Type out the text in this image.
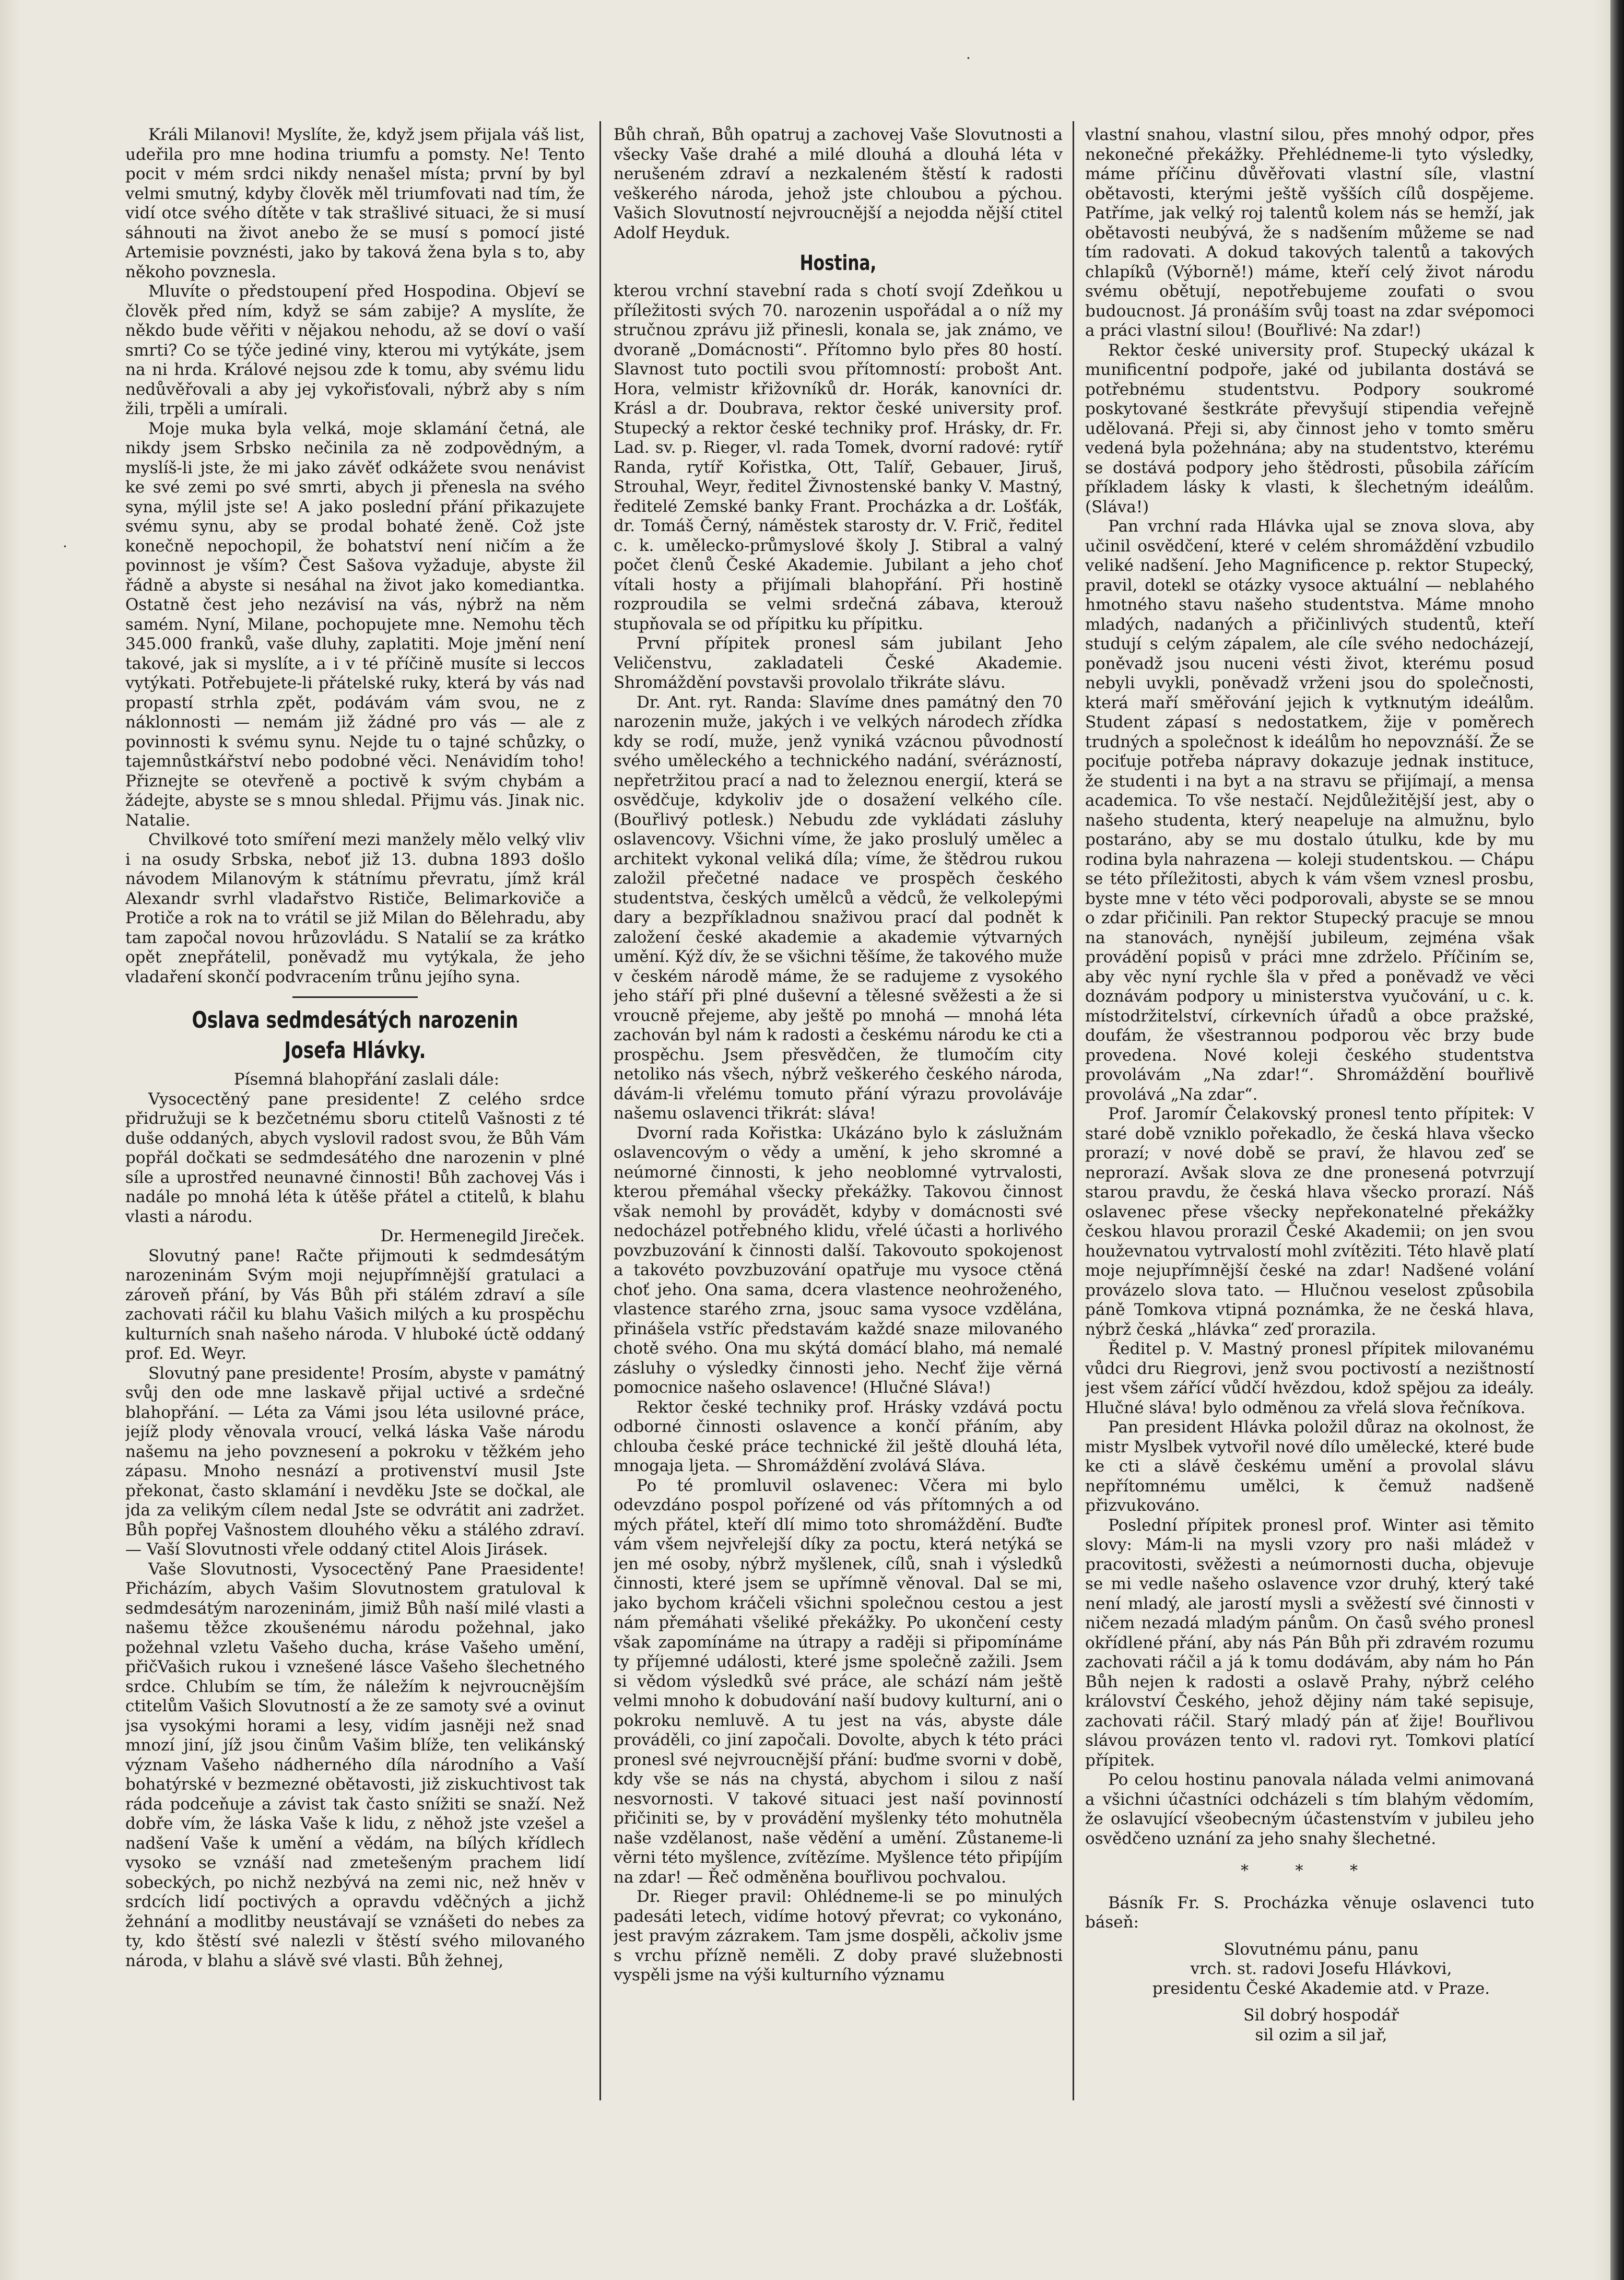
·
·

Králi Milanovi! Myslíte, že, když jsem přijala váš list, udeřila pro mne hodina triumfu a pomsty. Ne! Tento pocit v mém srdci nikdy nenašel místa; první by byl velmi smutný, kdyby člověk měl triumfovati nad tím, že vidí otce svého dítěte v tak strašlivé situaci, že si musí sáhnouti na život anebo že se musí s pomocí jisté Artemisie povznésti, jako by taková žena byla s to, aby někoho povznesla.

Mluvíte o předstoupení před Hospodina. Objeví se člověk před ním, když se sám zabije? A myslíte, že někdo bude věřiti v nějakou nehodu, až se doví o vaší smrti? Co se týče jediné viny, kterou mi vytýkáte, jsem na ni hrda. Králové nejsou zde k tomu, aby svému lidu nedůvěřovali a aby jej vykořisťovali, nýbrž aby s ním žili, trpěli a umírali.

Moje muka byla velká, moje sklamání četná, ale nikdy jsem Srbsko nečinila za ně zodpovědným, a myslíš-li jste, že mi jako závěť odkážete svou nenávist ke své zemi po své smrti, abych ji přenesla na svého syna, mýlil jste se! A jako poslední přání přikazujete svému synu, aby se prodal bohaté ženě. Což jste konečně nepochopil, že bohatství není ničím a že povinnost je vším? Čest Sašova vyžaduje, abyste žil řádně a abyste si nesáhal na život jako komediantka. Ostatně čest jeho nezávisí na vás, nýbrž na něm samém. Nyní, Milane, pochopujete mne. Nemohu těch 345.000 franků, vaše dluhy, zaplatiti. Moje jmění není takové, jak si myslíte, a i v té příčině musíte si leccos vytýkati. Potřebujete-li přátelské ruky, která by vás nad propastí strhla zpět, podávám vám svou, ne z náklonnosti — nemám již žádné pro vás — ale z povinnosti k svému synu. Nejde tu o tajné schůzky, o tajemnůstkářství nebo podobné věci. Nenávidím toho! Přiznejte se otevřeně a poctivě k svým chybám a žádejte, abyste se s mnou shledal. Přijmu vás. Jinak nic. Natalie.

Chvilkové toto smíření mezi manžely mělo velký vliv i na osudy Srbska, neboť již 13. dubna 1893 došlo návodem Milanovým k státnímu převratu, jímž král Alexandr svrhl vladařstvo Rističe, Belimarkoviče a Protiče a rok na to vrátil se již Milan do Bělehradu, aby tam započal novou hrůzovládu. S Natalií se za krátko opět znepřátelil, poněvadž mu vytýkala, že jeho vladaření skončí podvracením trůnu jejího syna.

Oslava sedmdesátých narozenin
Josefa Hlávky.

Písemná blahopřání zaslali dále:

Vysocectěný pane presidente! Z celého srdce přidružuji se k bezčetnému sboru ctitelů Vašnosti z té duše oddaných, abych vyslovil radost svou, že Bůh Vám popřál dočkati se sedmdesátého dne narozenin v plné síle a uprostřed neunavné činnosti! Bůh zachovej Vás i nadále po mnohá léta k útěše přátel a ctitelů, k blahu vlasti a národu.

Dr. Hermenegild Jireček.

Slovutný pane! Račte přijmouti k sedmdesátým narozeninám Svým moji nejupřímnější gratulaci a zároveň přání, by Vás Bůh při stálém zdraví a síle zachovati ráčil ku blahu Vašich milých a ku prospěchu kulturních snah našeho národa. V hluboké úctě oddaný prof. Ed. Weyr.

Slovutný pane presidente! Prosím, abyste v památný svůj den ode mne laskavě přijal uctivé a srdečné blahopřání. — Léta za Vámi jsou léta usilovné práce, jejíž plody věnovala vroucí, velká láska Vaše národu našemu na jeho povznesení a pokroku v těžkém jeho zápasu. Mnoho nesnází a protivenství musil Jste překonat, často sklamání i nevděku Jste se dočkal, ale jda za velikým cílem nedal Jste se odvrátit ani zadržet. Bůh popřej Vašnostem dlouhého věku a stálého zdraví. — Vaší Slovutnosti vřele oddaný ctitel Alois Jirásek.

Vaše Slovutnosti, Vysocectěný Pane Praesidente! Přicházím, abych Vašim Slovutnostem gratuloval k sedmdesátým narozeninám, jimiž Bůh naší milé vlasti a našemu těžce zkoušenému národu požehnal, jako požehnal vzletu Vašeho ducha, kráse Vašeho umění, přičVašich rukou i vznešené lásce Vašeho šlechetného srdce. Chlubím se tím, že náležím k nejvroucnějším ctitelům Vašich Slovutností a že ze samoty své a ovinut jsa vysokými horami a lesy, vidím jasněji než snad mnozí jiní, jíž jsou činům Vašim blíže, ten velikánský význam Vašeho nádherného díla národního a Vaší bohatýrské v bezmezné obětavosti, již ziskuchtivost tak ráda podceňuje a závist tak často snížiti se snaží. Než dobře vím, že láska Vaše k lidu, z něhož jste vzešel a nadšení Vaše k umění a vědám, na bílých křídlech vysoko se vznáší nad zmetešeným prachem lidí sobeckých, po nichž nezbývá na zemi nic, než hněv v srdcích lidí poctivých a opravdu vděčných a jichž žehnání a modlitby neustávají se vznášeti do nebes za ty, kdo štěstí své nalezli v štěstí svého milovaného národa, v blahu a slávě své vlasti. Bůh žehnej,

Bůh chraň, Bůh opatruj a zachovej Vaše Slovutnosti a všecky Vaše drahé a milé dlouhá a dlouhá léta v nerušeném zdraví a nezkaleném štěstí k radosti veškerého národa, jehož jste chloubou a pýchou. Vašich Slovutností nejvroucnější a nejodda nější ctitel Adolf Heyduk.

Hostina,

kterou vrchní stavební rada s chotí svojí Zdeňkou u příležitosti svých 70. narozenin uspořádal a o níž my stručnou zprávu již přinesli, konala se, jak známo, ve dvoraně „Domácnosti“. Přítomno bylo přes 80 hostí. Slavnost tuto poctili svou přítomností: probošt Ant. Hora, velmistr křižovníků dr. Horák, kanovníci dr. Krásl a dr. Doubrava, rektor české university prof. Stupecký a rektor české techniky prof. Hrásky, dr. Fr. Lad. sv. p. Rieger, vl. rada Tomek, dvorní radové: rytíř Randa, rytíř Kořistka, Ott, Talíř, Gebauer, Jiruš, Strouhal, Weyr, ředitel Živnostenské banky V. Mastný, ředitelé Zemské banky Frant. Procházka a dr. Lošťák, dr. Tomáš Černý, náměstek starosty dr. V. Frič, ředitel c. k. umělecko-průmyslové školy J. Stibral a valný počet členů České Akademie. Jubilant a jeho choť vítali hosty a přijímali blahopřání. Při hostině rozproudila se velmi srdečná zábava, kterouž stupňovala se od přípitku ku přípitku.

První přípitek pronesl sám jubilant Jeho Veličenstvu, zakladateli České Akademie. Shromáždění povstavši provolalo třikráte slávu.

Dr. Ant. ryt. Randa: Slavíme dnes památný den 70 narozenin muže, jakých i ve velkých národech zřídka kdy se rodí, muže, jenž vyniká vzácnou původností svého uměleckého a technického nadání, svérázností, nepřetržitou prací a nad to železnou energií, která se osvědčuje, kdykoliv jde o dosažení velkého cíle. (Bouřlivý potlesk.) Nebudu zde vykládati zásluhy oslavencovy. Všichni víme, že jako proslulý umělec a architekt vykonal veliká díla; víme, že štědrou rukou založil přečetné nadace ve prospěch českého studentstva, českých umělců a vědců, že velkolepými dary a bezpříkladnou snaživou prací dal podnět k založení české akademie a akademie výtvarných umění. Kýž dív, že se všichni těšíme, že takového muže v českém národě máme, že se radujeme z vysokého jeho stáří při plné duševní a tělesné svěžesti a že si vroucně přejeme, aby ještě po mnohá — mnohá léta zachován byl nám k radosti a českému národu ke cti a prospěchu. Jsem přesvědčen, že tlumočím city netoliko nás všech, nýbrž veškerého českého národa, dávám-li vřelému tomuto přání výrazu provoláváje našemu oslavenci třikrát: sláva!

Dvorní rada Kořistka: Ukázáno bylo k záslužnám oslavencovým o vědy a umění, k jeho skromné a neúmorné činnosti, k jeho neoblomné vytrvalosti, kterou přemáhal všecky překážky. Takovou činnost však nemohl by provádět, kdyby v domácnosti své nedocházel potřebného klidu, vřelé účasti a horlivého povzbuzování k činnosti další. Takovouto spokojenost a takovéto povzbuzování opatřuje mu vysoce ctěná choť jeho. Ona sama, dcera vlastence neohroženého, vlastence starého zrna, jsouc sama vysoce vzdělána, přinášela vstříc představám každé snaze milovaného chotě svého. Ona mu skýtá domácí blaho, má nemalé zásluhy o výsledky činnosti jeho. Nechť žije věrná pomocnice našeho oslavence! (Hlučné Sláva!)

Rektor české techniky prof. Hrásky vzdává poctu odborné činnosti oslavence a končí přáním, aby chlouba české práce technické žil ještě dlouhá léta, mnogaja ljeta. — Shromáždění zvolává Sláva.

Po té promluvil oslavenec: Včera mi bylo odevzdáno pospol pořízené od vás přítomných a od mých přátel, kteří dlí mimo toto shromáždění. Buďte vám všem nejvřelejší díky za poctu, která netýká se jen mé osoby, nýbrž myšlenek, cílů, snah i výsledků činnosti, které jsem se upřímně věnoval. Dal se mi, jako bychom kráčeli všichni společnou cestou a jest nám přemáhati všeliké překážky. Po ukončení cesty však zapomínáme na útrapy a raději si připomínáme ty příjemné události, které jsme společně zažili. Jsem si vědom výsledků své práce, ale schází nám ještě velmi mnoho k dobudování naší budovy kulturní, ani o pokroku nemluvě. A tu jest na vás, abyste dále prováděli, co jiní započali. Dovolte, abych k této práci pronesl své nejvroucnější přání: buďme svorni v době, kdy vše se nás na chystá, abychom i silou z naší nesvornosti. V takové situaci jest naší povinností přičiniti se, by v provádění myšlenky této mohutněla naše vzdělanost, naše vědění a umění. Zůstaneme-li věrni této myšlence, zvítězíme. Myšlence této připíjím na zdar! — Řeč odměněna bouřlivou pochvalou.

Dr. Rieger pravil: Ohlédneme-li se po minulých padesáti letech, vidíme hotový převrat; co vykonáno, jest pravým zázrakem. Tam jsme dospěli, ačkoliv jsme s vrchu přízně neměli. Z doby pravé služebnosti vyspěli jsme na výši kulturního významu

vlastní snahou, vlastní silou, přes mnohý odpor, přes nekonečné překážky. Přehlédneme-li tyto výsledky, máme příčinu důvěřovati vlastní síle, vlastní obětavosti, kterými ještě vyšších cílů dospějeme. Patříme, jak velký roj talentů kolem nás se hemží, jak obětavosti neubývá, že s nadšením můžeme se nad tím radovati. A dokud takových talentů a takových chlapíků (Výborně!) máme, kteří celý život národu svému obětují, nepotřebujeme zoufati o svou budoucnost. Já pronáším svůj toast na zdar svépomoci a práci vlastní silou! (Bouřlivé: Na zdar!)

Rektor české university prof. Stupecký ukázal k munificentní podpoře, jaké od jubilanta dostává se potřebnému studentstvu. Podpory soukromé poskytované šestkráte převyšují stipendia veřejně udělovaná. Přeji si, aby činnost jeho v tomto směru vedená byla požehnána; aby na studentstvo, kterému se dostává podpory jeho štědrosti, působila zářícím příkladem lásky k vlasti, k šlechetným ideálům. (Sláva!)

Pan vrchní rada Hlávka ujal se znova slova, aby učinil osvědčení, které v celém shromáždění vzbudilo veliké nadšení. Jeho Magnificence p. rektor Stupecký, pravil, dotekl se otázky vysoce aktuální — neblahého hmotného stavu našeho studentstva. Máme mnoho mladých, nadaných a přičinlivých studentů, kteří studují s celým zápalem, ale cíle svého nedocházejí, poněvadž jsou nuceni vésti život, kterému posud nebyli uvykli, poněvadž vrženi jsou do společnosti, která maří směřování jejich k vytknutým ideálům. Student zápasí s nedostatkem, žije v poměrech trudných a společnost k ideálům ho nepovznáší. Že se pociťuje potřeba nápravy dokazuje jednak instituce, že studenti i na byt a na stravu se přijímají, a mensa academica. To vše nestačí. Nejdůležitější jest, aby o našeho studenta, který neapeluje na almužnu, bylo postaráno, aby se mu dostalo útulku, kde by mu rodina byla nahrazena — koleji studentskou. — Chápu se této příležitosti, abych k vám všem vznesl prosbu, byste mne v této věci podporovali, abyste se se mnou o zdar přičinili. Pan rektor Stupecký pracuje se mnou na stanovách, nynější jubileum, zejména však provádění popisů v práci mne zdrželo. Příčiním se, aby věc nyní rychle šla v před a poněvadž ve věci doznávám podpory u ministerstva vyučování, u c. k. místodržitelství, církevních úřadů a obce pražské, doufám, že všestrannou podporou věc brzy bude provedena. Nové koleji českého studentstva provolávám „Na zdar!“. Shromáždění bouřlivě provolává „Na zdar“.

Prof. Jaromír Čelakovský pronesl tento přípitek: V staré době vzniklo pořekadlo, že česká hlava všecko prorazí; v nové době se praví, že hlavou zeď se neprorazí. Avšak slova ze dne pronesená potvrzují starou pravdu, že česká hlava všecko prorazí. Náš oslavenec přese všecky nepřekonatelné překážky českou hlavou prorazil České Akademii; on jen svou houževnatou vytrvalostí mohl zvítěziti. Této hlavě platí moje nejupřímnější české na zdar! Nadšené volání provázelo slova tato. — Hlučnou veselost způsobila páně Tomkova vtipná poznámka, že ne česká hlava, nýbrž česká „hlávka“ zeď prorazila.

Ředitel p. V. Mastný pronesl přípitek milovanému vůdci dru Riegrovi, jenž svou poctivostí a nezištností jest všem zářící vůdčí hvězdou, kdož spějou za ideály. Hlučné sláva! bylo odměnou za vřelá slova řečníkova.

Pan president Hlávka položil důraz na okolnost, že mistr Myslbek vytvořil nové dílo umělecké, které bude ke cti a slávě českému umění a provolal slávu nepřítomnému umělci, k čemuž nadšeně přizvukováno.

Poslední přípitek pronesl prof. Winter asi těmito slovy: Mám-li na mysli vzory pro naši mládež v pracovitosti, svěžesti a neúmornosti ducha, objevuje se mi vedle našeho oslavence vzor druhý, který také není mladý, ale jarostí mysli a svěžestí své činnosti v ničem nezadá mladým pánům. On časů svého pronesl okřídlené přání, aby nás Pán Bůh při zdravém rozumu zachovati ráčil a já k tomu dodávám, aby nám ho Pán Bůh nejen k radosti a oslavě Prahy, nýbrž celého království Českého, jehož dějiny nám také sepisuje, zachovati ráčil. Starý mladý pán ať žije! Bouřlivou slávou provázen tento vl. radovi ryt. Tomkovi platící přípitek.

Po celou hostinu panovala nálada velmi animovaná a všichni účastníci odcházeli s tím blahým vědomím, že oslavující všeobecným účastenstvím v jubileu jeho osvědčeno uznání za jeho snahy šlechetné.

* * *

Básník Fr. S. Procházka věnuje oslavenci tuto báseň:

Slovutnému pánu, panu

vrch. st. radovi Josefu Hlávkovi,

presidentu České Akademie atd. v Praze.

Sil dobrý hospodář

sil ozim a sil jař,
